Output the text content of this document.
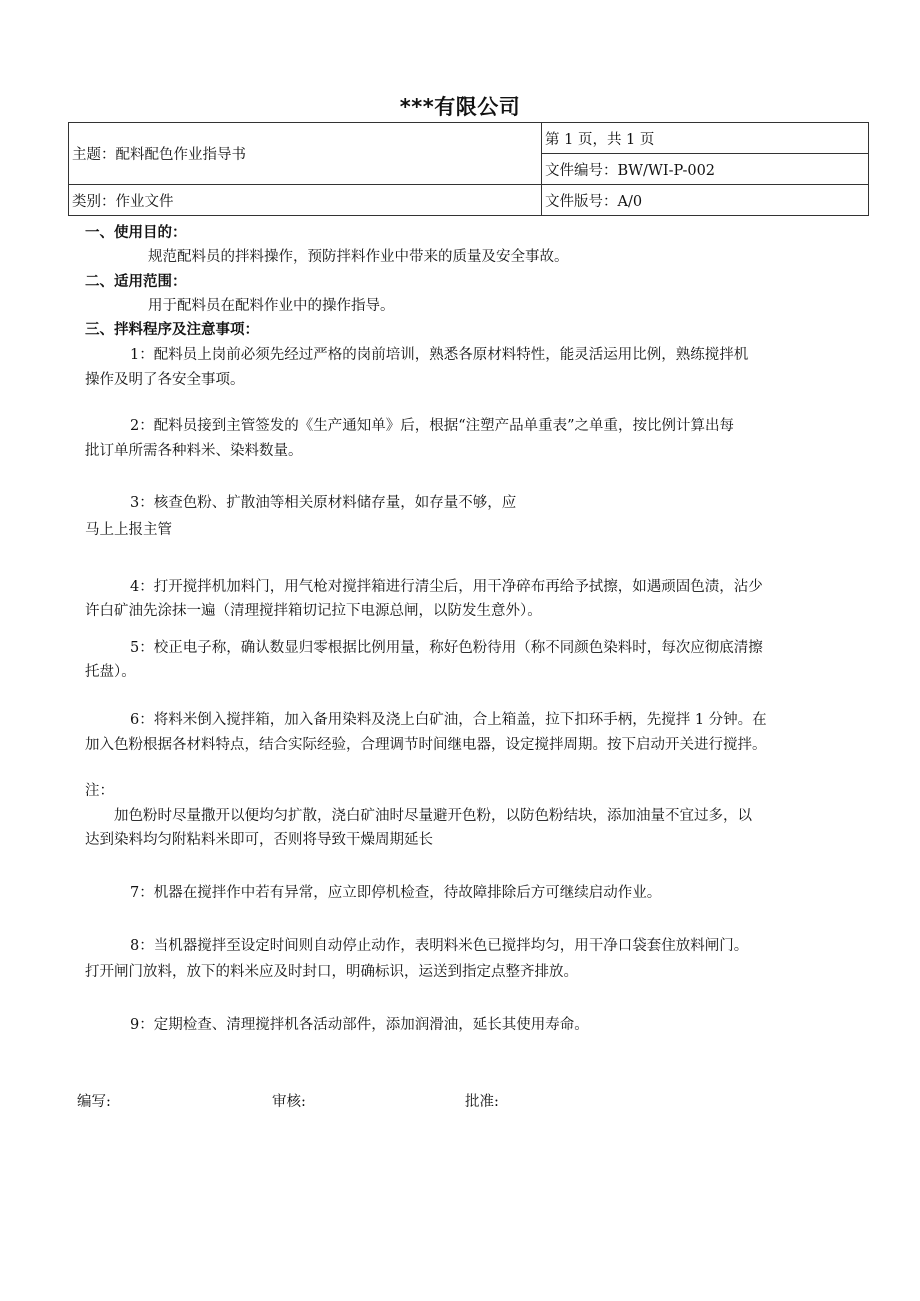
***有限公司
主题：配料配色作业指导书	第 1 页，共 1 页
	文件编号：BW/WI-P-002
类别：作业文件	文件版号：A/0
一、使用目的：
规范配料员的拌料操作，预防拌料作业中带来的质量及安全事故。
二、适用范围：
用于配料员在配料作业中的操作指导。
三、拌料程序及注意事项：
1：配料员上岗前必须先经过严格的岗前培训，熟悉各原材料特性，能灵活运用比例，熟练搅拌机
操作及明了各安全事项。
2：配料员接到主管签发的《生产通知单》后，根据“注塑产品单重表”之单重，按比例计算出每
批订单所需各种料米、染料数量。
3：核查色粉、扩散油等相关原材料储存量，如存量不够，应
马上上报主管
4：打开搅拌机加料门，用气枪对搅拌箱进行清尘后，用干净碎布再给予拭擦，如遇顽固色渍，沾少
许白矿油先涂抹一遍（清理搅拌箱切记拉下电源总闸，以防发生意外）。
5：校正电子称，确认数显归零根据比例用量，称好色粉待用（称不同颜色染料时，每次应彻底清擦
托盘）。
6：将料米倒入搅拌箱，加入备用染料及浇上白矿油，合上箱盖，拉下扣环手柄，先搅拌 1 分钟。在
加入色粉根据各材料特点，结合实际经验，合理调节时间继电器，设定搅拌周期。按下启动开关进行搅拌。
注：
加色粉时尽量撒开以便均匀扩散，浇白矿油时尽量避开色粉，以防色粉结块，添加油量不宜过多，以
达到染料均匀附粘料米即可，否则将导致干燥周期延长
7：机器在搅拌作中若有异常，应立即停机检查，待故障排除后方可继续启动作业。
8：当机器搅拌至设定时间则自动停止动作，表明料米色已搅拌均匀，用干净口袋套住放料闸门。
打开闸门放料，放下的料米应及时封口，明确标识，运送到指定点整齐排放。
9：定期检查、清理搅拌机各活动部件，添加润滑油，延长其使用寿命。
编写:	审核:	批准:
